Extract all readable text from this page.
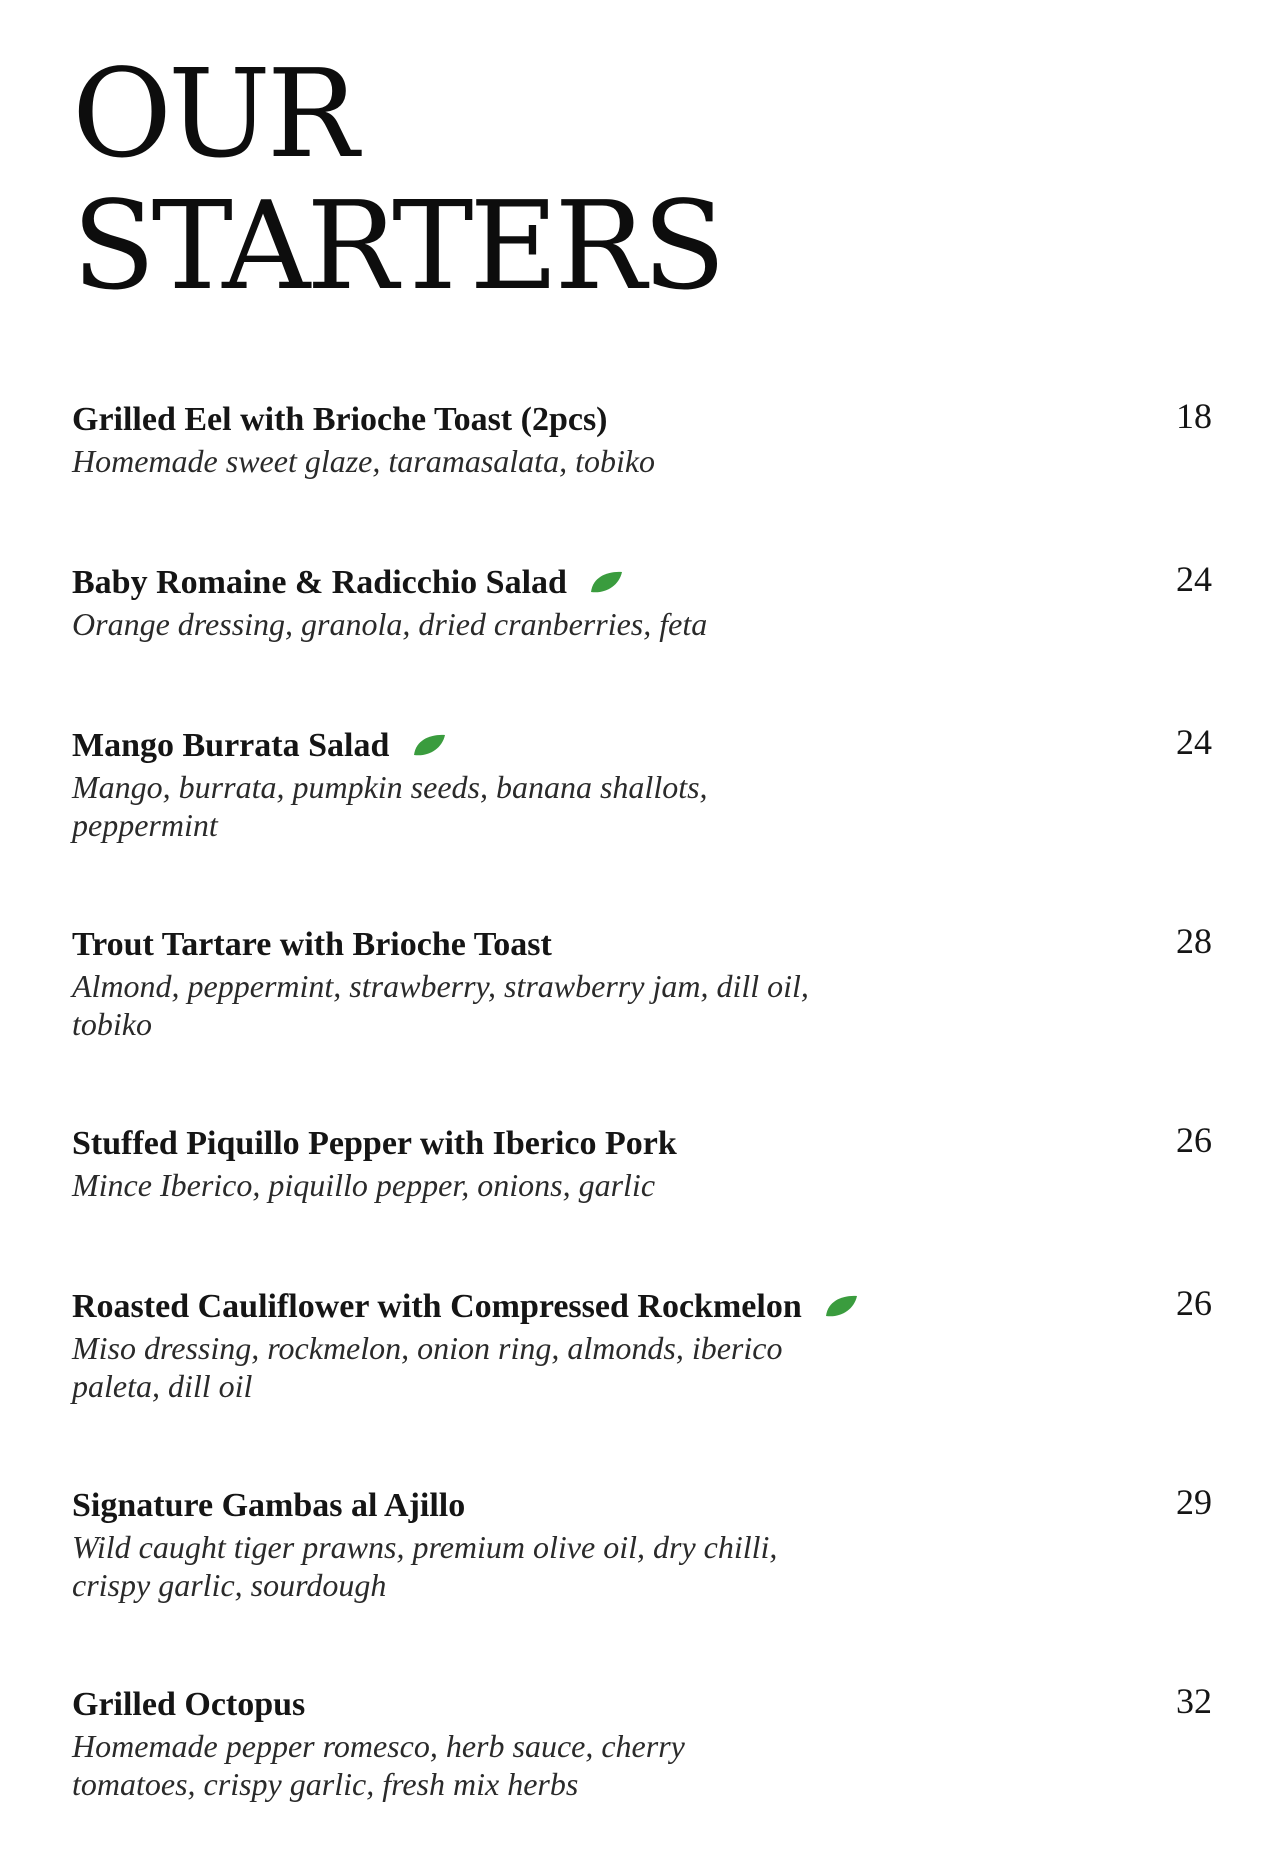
OUR
STARTERS
Grilled Eel with Brioche Toast (2pcs)
Homemade sweet glaze, taramasalata, tobiko
18
Baby Romaine & Radicchio Salad
Orange dressing, granola, dried cranberries, feta
24
Mango Burrata Salad
Mango, burrata, pumpkin seeds, banana shallots, peppermint
24
Trout Tartare with Brioche Toast
Almond, peppermint, strawberry, strawberry jam, dill oil, tobiko
28
Stuffed Piquillo Pepper with Iberico Pork
Mince Iberico, piquillo pepper, onions, garlic
26
Roasted Cauliflower with Compressed Rockmelon
Miso dressing, rockmelon, onion ring, almonds, iberico paleta, dill oil
26
Signature Gambas al Ajillo
Wild caught tiger prawns, premium olive oil, dry chilli, crispy garlic, sourdough
29
Grilled Octopus
Homemade pepper romesco, herb sauce, cherry tomatoes, crispy garlic, fresh mix herbs
32
